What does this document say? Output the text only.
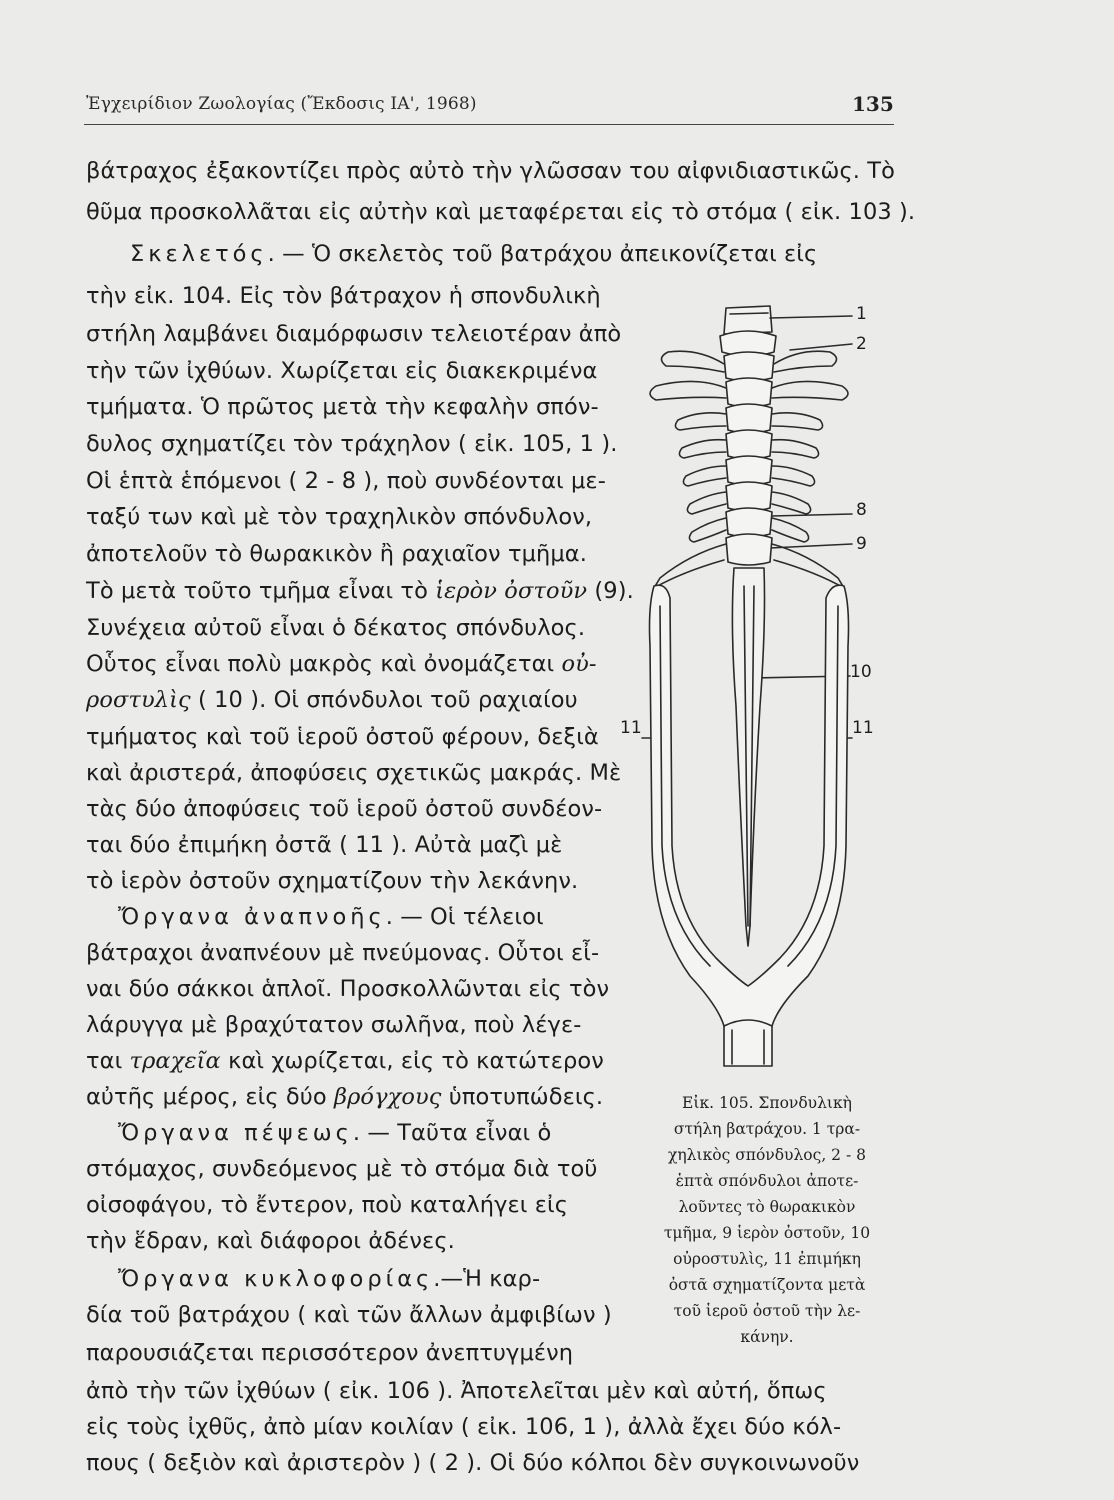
Ἐγχειρίδιον Ζωολογίας (Ἔκδοσις ΙΑ', 1968)	135
βάτραχος ἐξακοντίζει πρὸς αὐτὸ τὴν γλῶσσαν του αἰφνιδιαστικῶς. Τὸ
θῦμα προσκολλᾶται εἰς αὐτὴν καὶ μεταφέρεται εἰς τὸ στόμα ( εἰκ. 103 ).
Σκελετός. — Ὁ σκελετὸς τοῦ βατράχου ἀπεικονίζεται εἰς
τὴν εἰκ. 104. Εἰς τὸν βάτραχον ἡ σπονδυλικὴ
στήλη λαμβάνει διαμόρφωσιν τελειοτέραν ἀπὸ
τὴν τῶν ἰχθύων. Χωρίζεται εἰς διακεκριμένα
τμήματα. Ὁ πρῶτος μετὰ τὴν κεφαλὴν σπόν-
δυλος σχηματίζει τὸν τράχηλον ( εἰκ. 105, 1 ).
Οἱ ἑπτὰ ἑπόμενοι ( 2 - 8 ), ποὺ συνδέονται με-
ταξύ των καὶ μὲ τὸν τραχηλικὸν σπόνδυλον,
ἀποτελοῦν τὸ θωρακικὸν ἢ ραχιαῖον τμῆμα.
Τὸ μετὰ τοῦτο τμῆμα εἶναι τὸ ἱερὸν ὀστοῦν (9).
Συνέχεια αὐτοῦ εἶναι ὁ δέκατος σπόνδυλος.
Οὗτος εἶναι πολὺ μακρὸς καὶ ὀνομάζεται οὐ-
ροστυλὶς ( 10 ). Οἱ σπόνδυλοι τοῦ ραχιαίου
τμήματος καὶ τοῦ ἱεροῦ ὀστοῦ φέρουν, δεξιὰ
καὶ ἀριστερά, ἀποφύσεις σχετικῶς μακράς. Μὲ
τὰς δύο ἀποφύσεις τοῦ ἱεροῦ ὀστοῦ συνδέον-
ται δύο ἐπιμήκη ὀστᾶ ( 11 ). Αὐτὰ μαζὶ μὲ
τὸ ἱερὸν ὀστοῦν σχηματίζουν τὴν λεκάνην.
Ὄργανα ἀναπνοῆς. — Οἱ τέλειοι
βάτραχοι ἀναπνέουν μὲ πνεύμονας. Οὗτοι εἶ-
ναι δύο σάκκοι ἁπλοῖ. Προσκολλῶνται εἰς τὸν
λάρυγγα μὲ βραχύτατον σωλῆνα, ποὺ λέγε-
ται τραχεῖα καὶ χωρίζεται, εἰς τὸ κατώτερον
αὐτῆς μέρος, εἰς δύο βρόγχους ὑποτυπώδεις.
Ὄργανα πέψεως. — Ταῦτα εἶναι ὁ
στόμαχος, συνδεόμενος μὲ τὸ στόμα διὰ τοῦ
οἰσοφάγου, τὸ ἔντερον, ποὺ καταλήγει εἰς
τὴν ἕδραν, καὶ διάφοροι ἀδένες.
Ὄργανα κυκλοφορίας.—Ἡ καρ-
δία τοῦ βατράχου ( καὶ τῶν ἄλλων ἀμφιβίων )
παρουσιάζεται περισσότερον ἀνεπτυγμένη
ἀπὸ τὴν τῶν ἰχθύων ( εἰκ. 106 ). Ἀποτελεῖται μὲν καὶ αὐτή, ὅπως
εἰς τοὺς ἰχθῦς, ἀπὸ μίαν κοιλίαν ( εἰκ. 106, 1 ), ἀλλὰ ἔχει δύο κόλ-
πους ( δεξιὸν καὶ ἀριστερὸν ) ( 2 ). Οἱ δύο κόλποι δὲν συγκοινωνοῦν
1
2
8
9
10
11	11
Εἰκ. 105. Σπονδυλικὴ
στήλη βατράχου. 1 τρα-
χηλικὸς σπόνδυλος, 2 - 8
ἑπτὰ σπόνδυλοι ἀποτε-
λοῦντες τὸ θωρακικὸν
τμῆμα, 9 ἱερὸν ὀστοῦν, 10
οὐροστυλὶς, 11 ἐπιμήκη
ὀστᾶ σχηματίζοντα μετὰ
τοῦ ἱεροῦ ὀστοῦ τὴν λε-
κάνην.
